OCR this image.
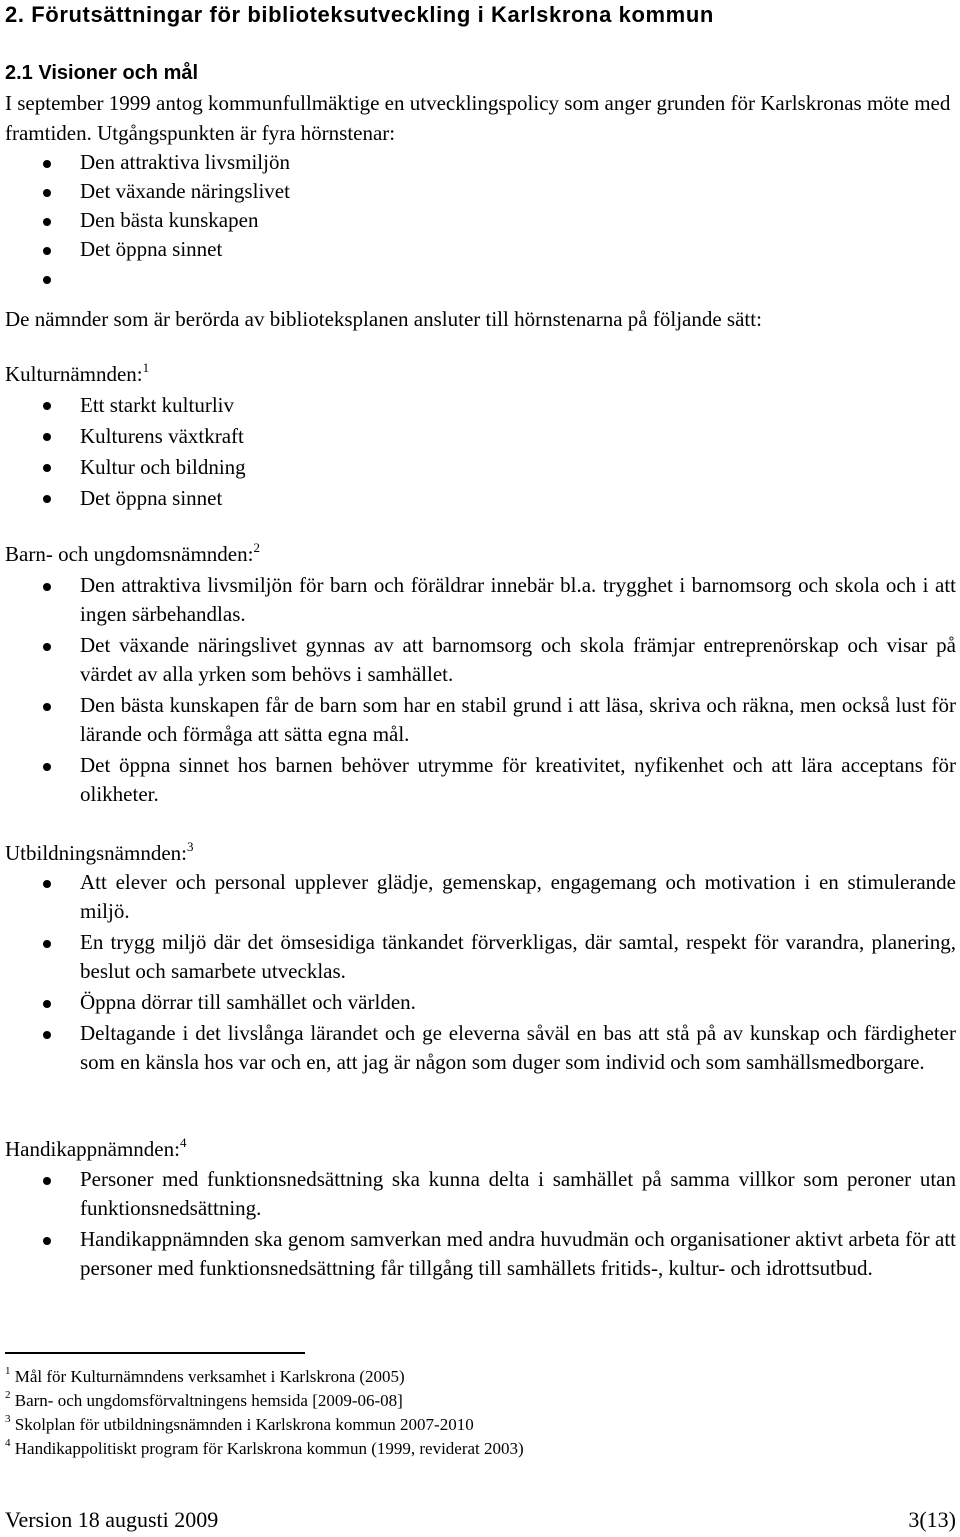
2. Förutsättningar för biblioteksutveckling i Karlskrona kommun
2.1 Visioner och mål
I september 1999 antog kommunfullmäktige en utvecklingspolicy som anger grunden för Karlskronas möte med framtiden. Utgångspunkten är fyra hörnstenar:
Den attraktiva livsmiljön
Det växande näringslivet
Den bästa kunskapen
Det öppna sinnet
De nämnder som är berörda av biblioteksplanen ansluter till hörnstenarna på följande sätt:
Kulturnämnden:$^1$
Ett starkt kulturliv
Kulturens växtkraft
Kultur och bildning
Det öppna sinnet
Barn- och ungdomsnämnden:$^2$
Den attraktiva livsmiljön för barn och föräldrar innebär bl.a. trygghet i barnomsorg och skola och i att ingen särbehandlas.
Det växande näringslivet gynnas av att barnomsorg och skola främjar entreprenörskap och visar på värdet av alla yrken som behövs i samhället.
Den bästa kunskapen får de barn som har en stabil grund i att läsa, skriva och räkna, men också lust för lärande och förmåga att sätta egna mål.
Det öppna sinnet hos barnen behöver utrymme för kreativitet, nyfikenhet och att lära acceptans för olikheter.
Utbildningsnämnden:$^3$
Att elever och personal upplever glädje, gemenskap, engagemang och motivation i en stimulerande miljö.
En trygg miljö där det ömsesidiga tänkandet förverkligas, där samtal, respekt för varandra, planering, beslut och samarbete utvecklas.
Öppna dörrar till samhället och världen.
Deltagande i det livslånga lärandet och ge eleverna såväl en bas att stå på av kunskap och färdigheter som en känsla hos var och en, att jag är någon som duger som individ och som samhällsmedborgare.
Handikappnämnden:$^4$
Personer med funktionsnedsättning ska kunna delta i samhället på samma villkor som peroner utan funktionsnedsättning.
Handikappnämnden ska genom samverkan med andra huvudmän och organisationer aktivt arbeta för att personer med funktionsnedsättning får tillgång till samhällets fritids-, kultur- och idrottsutbud.
$^1$ Mål för Kulturnämndens verksamhet i Karlskrona (2005)
$^2$ Barn- och ungdomsförvaltningens hemsida [2009-06-08]
$^3$ Skolplan för utbildningsnämnden i Karlskrona kommun 2007-2010
$^4$ Handikappolitiskt program för Karlskrona kommun (1999, reviderat 2003)
Version 18 augusti 2009	3(13)
